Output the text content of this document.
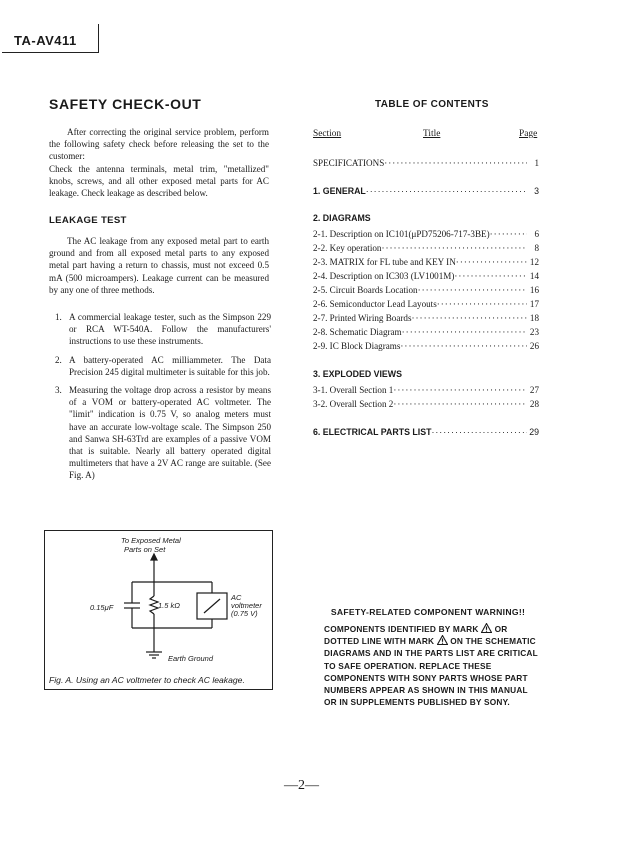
TA-AV411
SAFETY CHECK-OUT

After correcting the original service problem, perform the following safety check before releasing the set to the customer:

Check the antenna terminals, metal trim, "metallized" knobs, screws, and all other exposed metal parts for AC leakage. Check leakage as described below.

LEAKAGE TEST

The AC leakage from any exposed metal part to earth ground and from all exposed metal parts to any exposed metal part having a return to chassis, must not exceed 0.5 mA (500 microampers). Leakage current can be measured by any one of three methods.

1. A commercial leakage tester, such as the Simpson 229 or RCA WT-540A. Follow the manufacturers' instructions to use these instruments.

2. A battery-operated AC milliammeter. The Data Precision 245 digital multimeter is suitable for this job.

3. Measuring the voltage drop across a resistor by means of a VOM or battery-operated AC voltmeter. The "limit" indication is 0.75 V, so analog meters must have an accurate low-voltage scale. The Simpson 250 and Sanwa SH-63Trd are examples of a passive VOM that is suitable. Nearly all battery operated digital multimeters that have a 2V AC range are suitable. (See Fig. A)

To Exposed Metal
Parts on Set
0.15μF	1.5 kΩ
AC
voltmeter
(0.75 V)
Earth Ground
Fig. A. Using an AC voltmeter to check AC leakage.
TABLE OF CONTENTS
Section	Title	Page
SPECIFICATIONS ·····	1
1. GENERAL ·····	3
2. DIAGRAMS
2-1. Description on IC101(μPD75206-717-3BE) ·····	6
2-2. Key operation ·····	8
2-3. MATRIX for FL tube and KEY IN ·····	12
2-4. Description on IC303 (LV1001M) ·····	14
2-5. Circuit Boards Location ·····	16
2-6. Semiconductor Lead Layouts ·····	17
2-7. Printed Wiring Boards ·····	18
2-8. Schematic Diagram ·····	23
2-9. IC Block Diagrams ·····	26
3. EXPLODED VIEWS
3-1. Overall Section 1 ·····	27
3-2. Overall Section 2 ·····	28
6. ELECTRICAL PARTS LIST ·····	29
SAFETY-RELATED COMPONENT WARNING!!
COMPONENTS IDENTIFIED BY MARK OR DOTTED LINE WITH MARK ON THE SCHEMATIC DIAGRAMS AND IN THE PARTS LIST ARE CRITICAL TO SAFE OPERATION. REPLACE THESE COMPONENTS WITH SONY PARTS WHOSE PART NUMBERS APPEAR AS SHOWN IN THIS MANUAL OR IN SUPPLEMENTS PUBLISHED BY SONY.
—2—
